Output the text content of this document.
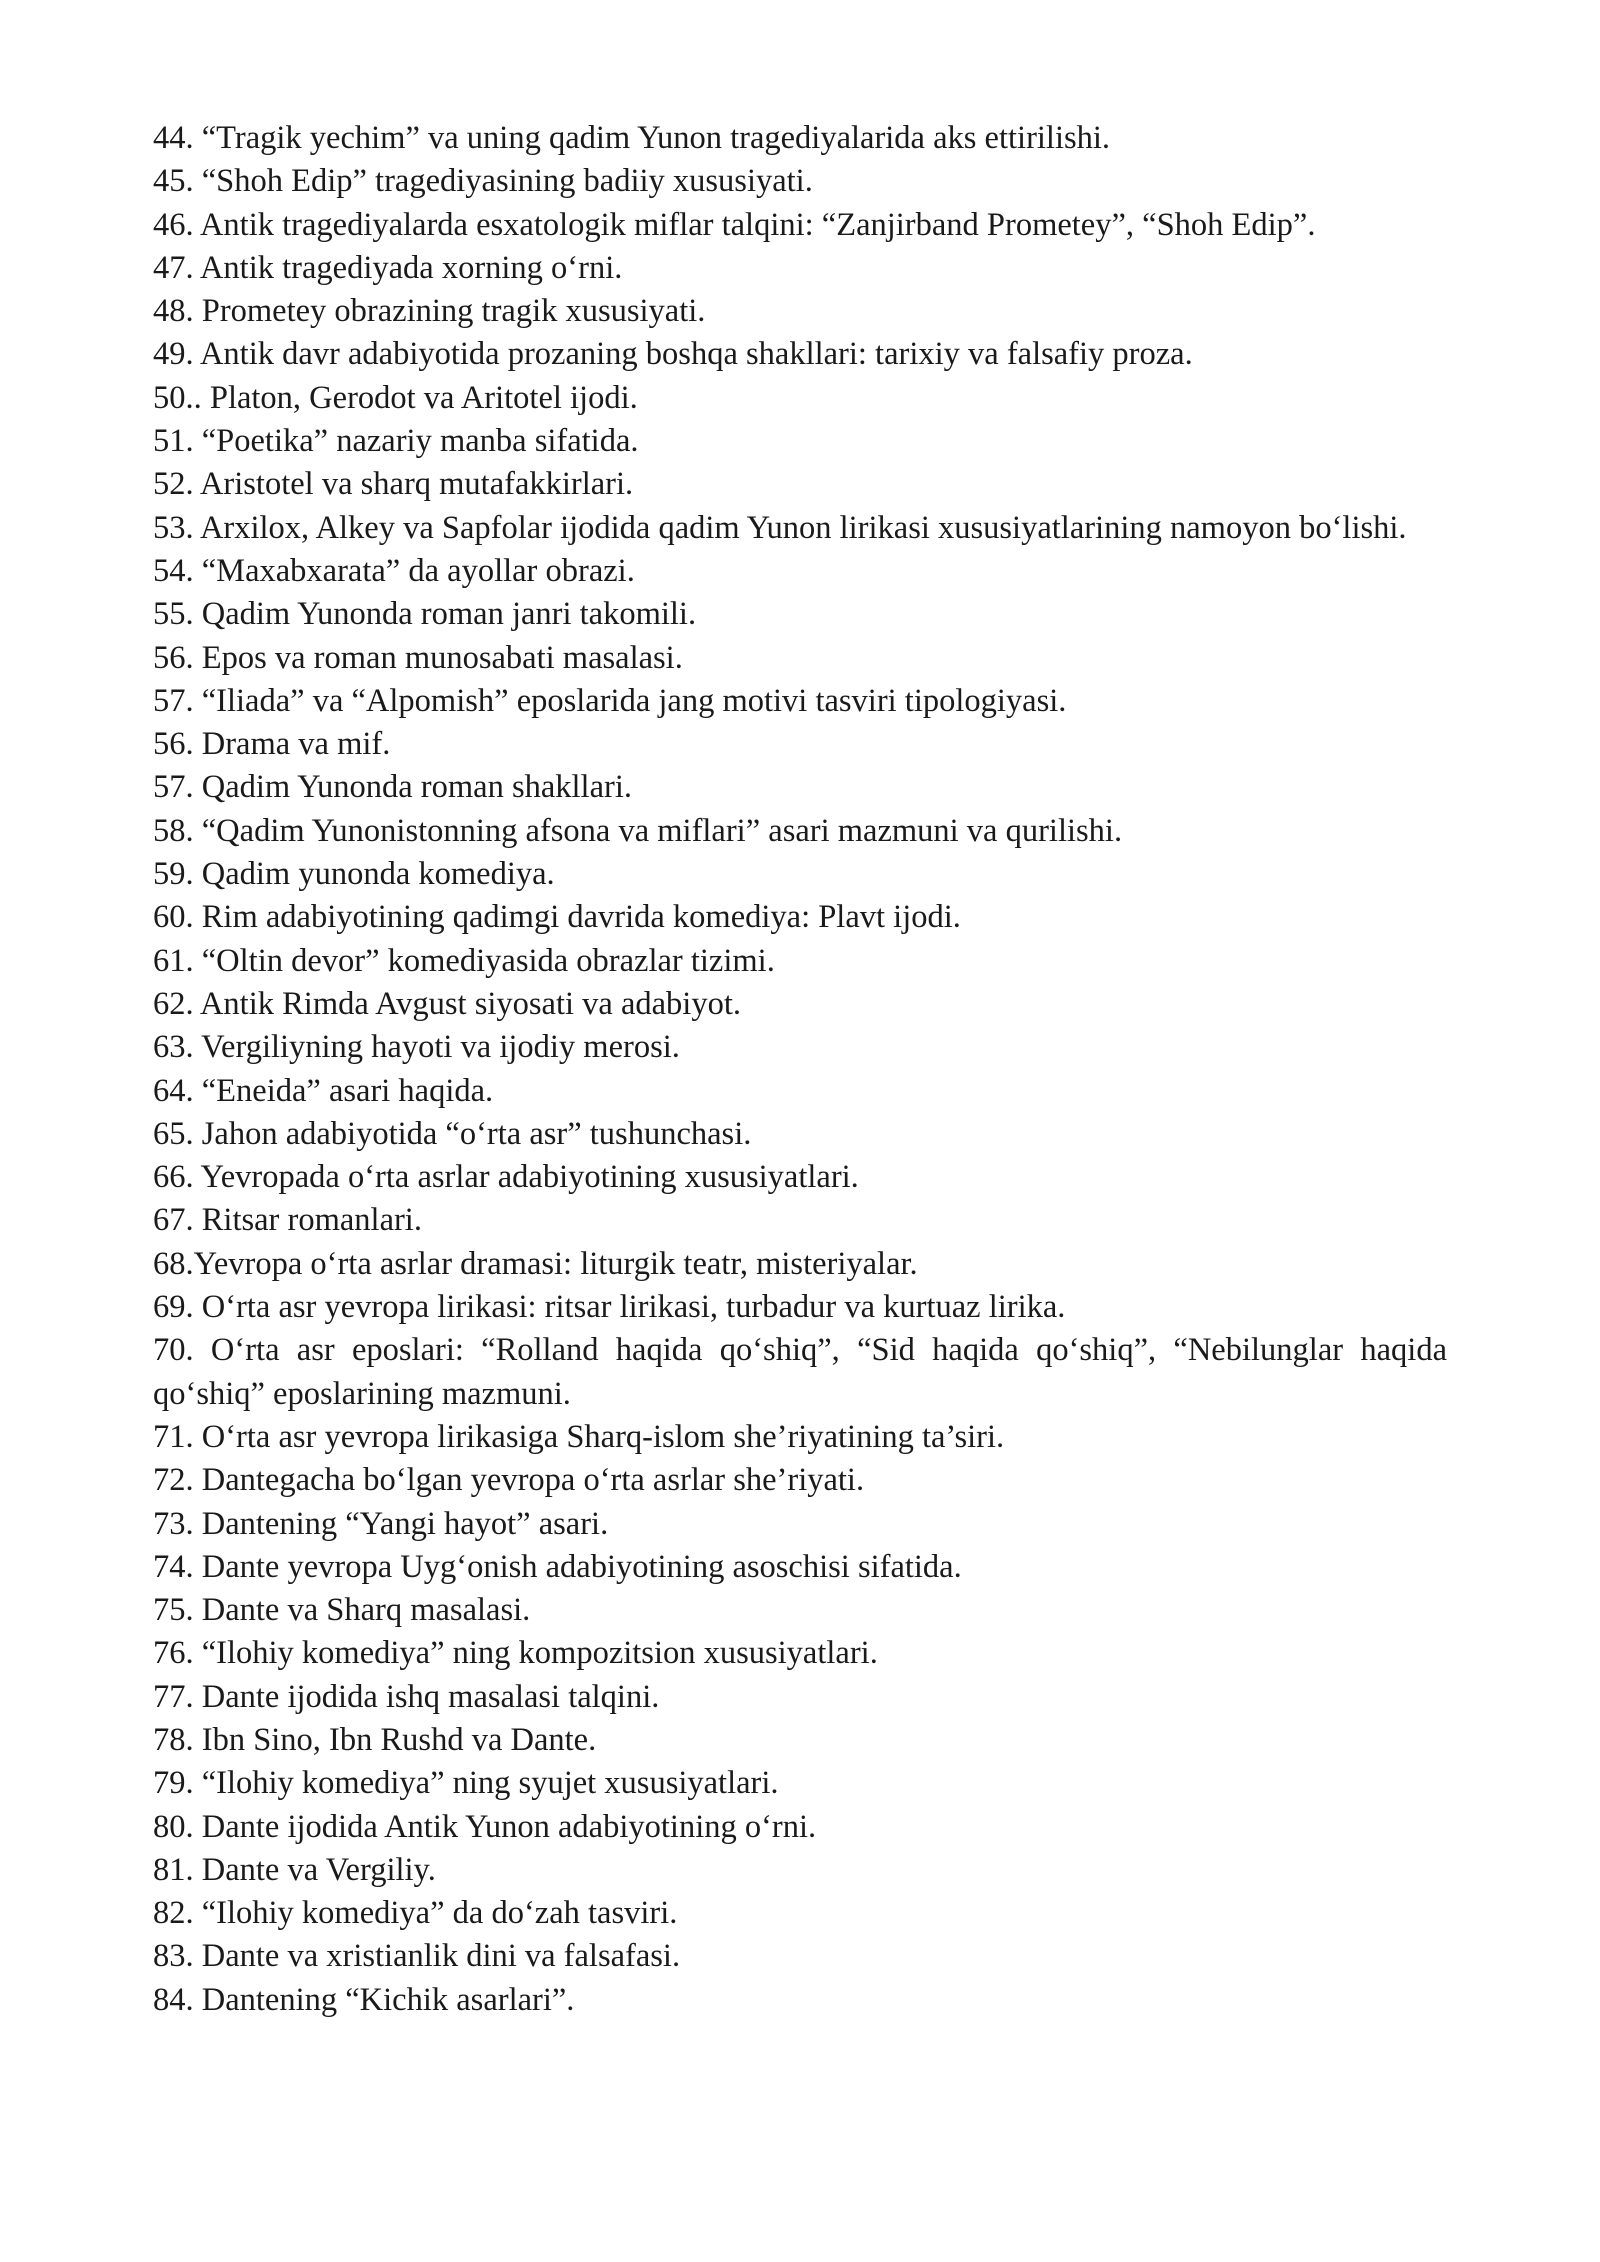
44. “Tragik yechim” va uning qadim Yunon tragediyalarida aks ettirilishi.

45. “Shoh Edip” tragediyasining badiiy xususiyati.

46. Antik tragediyalarda esxatologik miflar talqini: “Zanjirband Prometey”, “Shoh Edip”.

47. Antik tragediyada xorning o‘rni.

48. Prometey obrazining tragik xususiyati.

49. Antik davr adabiyotida prozaning boshqa shakllari: tarixiy va falsafiy proza.

50.. Platon, Gerodot va Aritotel ijodi.

51. “Poetika” nazariy manba sifatida.

52. Aristotel va sharq mutafakkirlari.

53. Arxilox, Alkey va Sapfolar ijodida qadim Yunon lirikasi xususiyatlarining namoyon bo‘lishi.

54. “Maxabxarata” da ayollar obrazi.

55. Qadim Yunonda roman janri takomili.

56. Epos va roman munosabati masalasi.

57. “Iliada” va “Alpomish” eposlarida jang motivi tasviri tipologiyasi.

56. Drama va mif.

57. Qadim Yunonda roman shakllari.

58. “Qadim Yunonistonning afsona va miflari” asari mazmuni va qurilishi.

59. Qadim yunonda komediya.

60. Rim adabiyotining qadimgi davrida komediya: Plavt ijodi.

61. “Oltin devor” komediyasida obrazlar tizimi.

62. Antik Rimda Avgust siyosati va adabiyot.

63. Vergiliyning hayoti va ijodiy merosi.

64. “Eneida” asari haqida.

65. Jahon adabiyotida “o‘rta asr” tushunchasi.

66. Yevropada o‘rta asrlar adabiyotining xususiyatlari.

67. Ritsar romanlari.

68.Yevropa o‘rta asrlar dramasi: liturgik teatr, misteriyalar.

69. O‘rta asr yevropa lirikasi: ritsar lirikasi, turbadur va kurtuaz lirika.

70. O‘rta asr eposlari: “Rolland haqida qo‘shiq”, “Sid haqida qo‘shiq”, “Nebilunglar haqida qo‘shiq” eposlarining mazmuni.

71. O‘rta asr yevropa lirikasiga Sharq-islom she’riyatining ta’siri.

72. Dantegacha bo‘lgan yevropa o‘rta asrlar she’riyati.

73. Dantening “Yangi hayot” asari.

74. Dante yevropa Uyg‘onish adabiyotining asoschisi sifatida.

75. Dante va Sharq masalasi.

76. “Ilohiy komediya” ning kompozitsion xususiyatlari.

77. Dante ijodida ishq masalasi talqini.

78. Ibn Sino, Ibn Rushd va Dante.

79. “Ilohiy komediya” ning syujet xususiyatlari.

80. Dante ijodida Antik Yunon adabiyotining o‘rni.

81. Dante va Vergiliy.

82. “Ilohiy komediya” da do‘zah tasviri.

83. Dante va xristianlik dini va falsafasi.

84. Dantening “Kichik asarlari”.
